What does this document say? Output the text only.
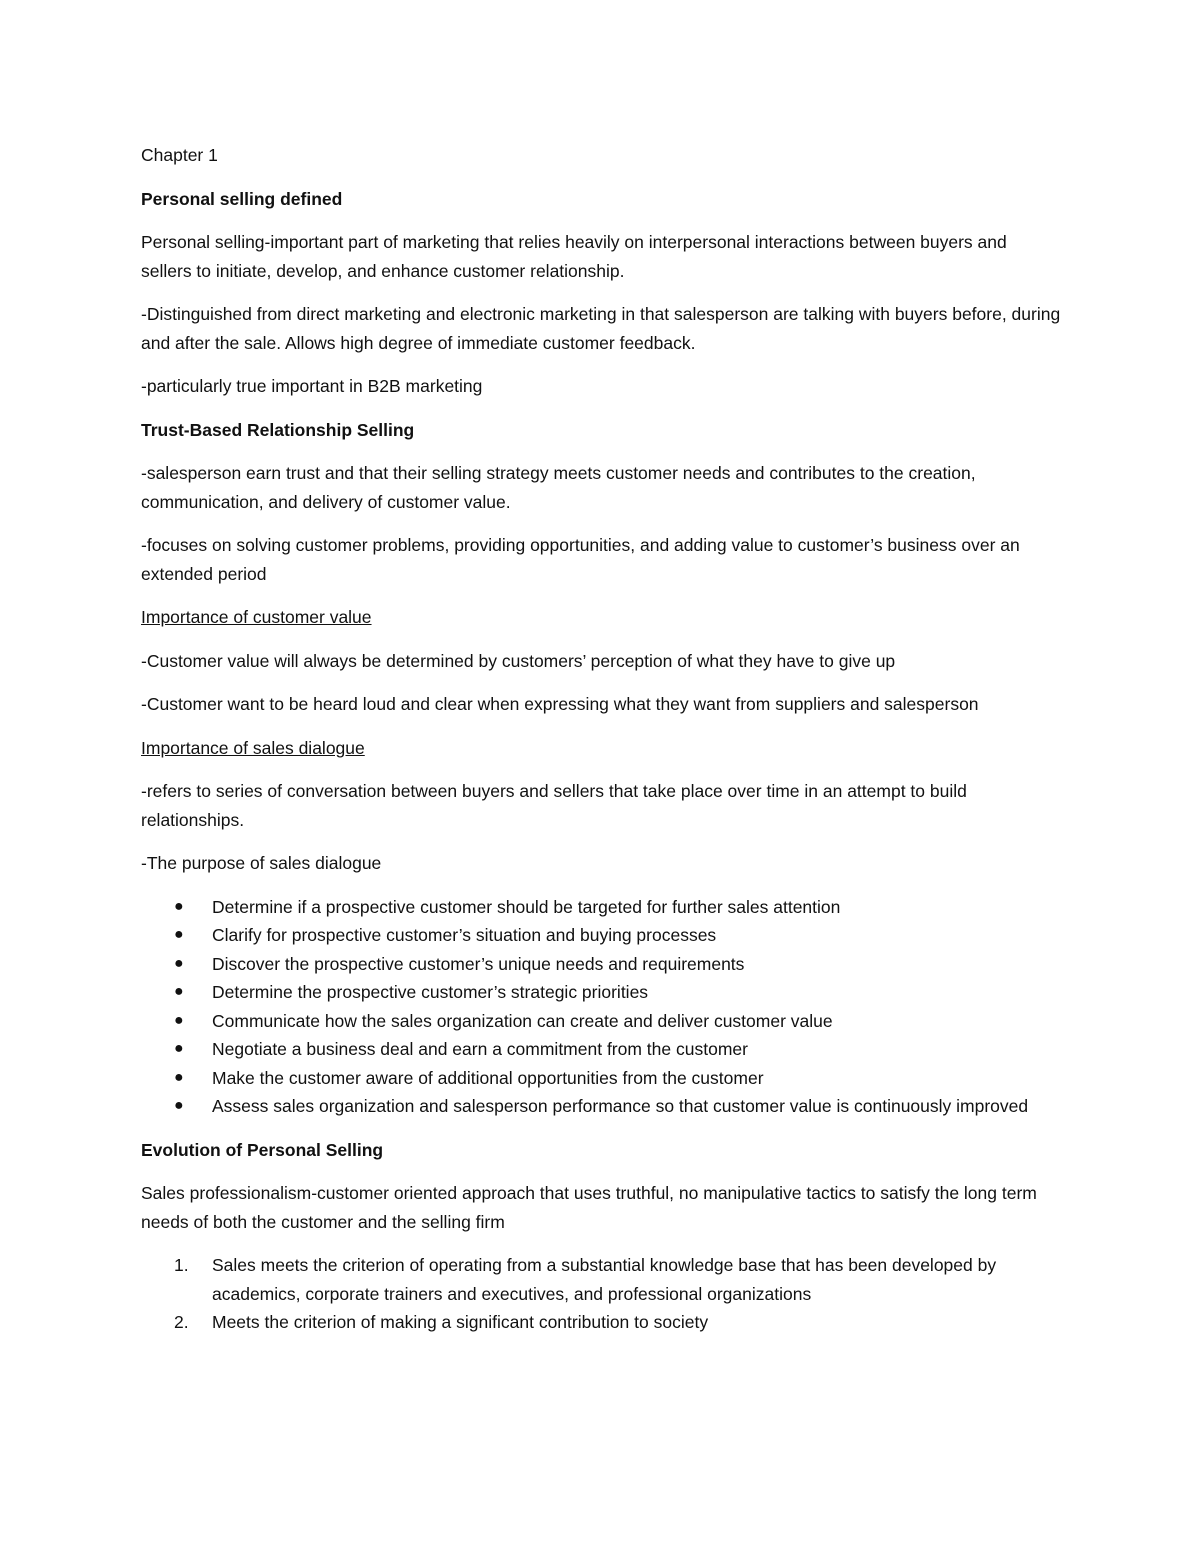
Chapter 1

Personal selling defined

Personal selling-important part of marketing that relies heavily on interpersonal interactions between buyers and sellers to initiate, develop, and enhance customer relationship.

-Distinguished from direct marketing and electronic marketing in that salesperson are talking with buyers before, during and after the sale. Allows high degree of immediate customer feedback.

-particularly true important in B2B marketing

Trust-Based Relationship Selling

-salesperson earn trust and that their selling strategy meets customer needs and contributes to the creation, communication, and delivery of customer value.

-focuses on solving customer problems, providing opportunities, and adding value to customer’s business over an extended period

Importance of customer value

-Customer value will always be determined by customers’ perception of what they have to give up

-Customer want to be heard loud and clear when expressing what they want from suppliers and salesperson

Importance of sales dialogue

-refers to series of conversation between buyers and sellers that take place over time in an attempt to build relationships.

-The purpose of sales dialogue

● Determine if a prospective customer should be targeted for further sales attention
● Clarify for prospective customer’s situation and buying processes
● Discover the prospective customer’s unique needs and requirements
● Determine the prospective customer’s strategic priorities
● Communicate how the sales organization can create and deliver customer value
● Negotiate a business deal and earn a commitment from the customer
● Make the customer aware of additional opportunities from the customer
● Assess sales organization and salesperson performance so that customer value is continuously improved

Evolution of Personal Selling

Sales professionalism-customer oriented approach that uses truthful, no manipulative tactics to satisfy the long term needs of both the customer and the selling firm

1. Sales meets the criterion of operating from a substantial knowledge base that has been developed by academics, corporate trainers and executives, and professional organizations
2. Meets the criterion of making a significant contribution to society
